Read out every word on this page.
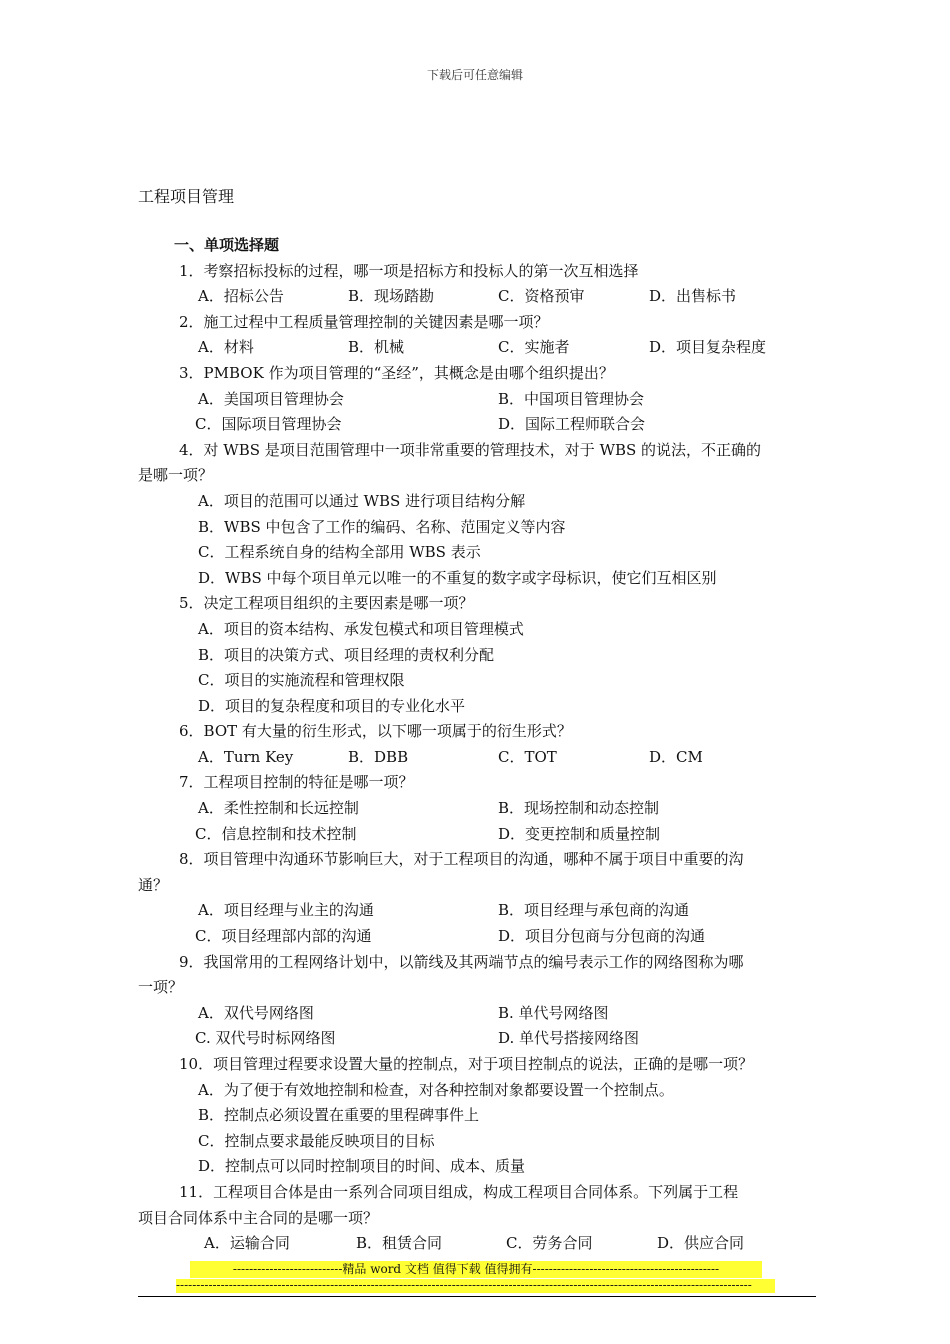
下载后可任意编辑
工程项目管理
一、单项选择题
1．考察招标投标的过程，哪一项是招标方和投标人的第一次互相选择
A．招标公告	B．现场踏勘	C．资格预审	D．出售标书
2．施工过程中工程质量管理控制的关键因素是哪一项？
A．材料	B．机械	C．实施者	D．项目复杂程度
3．PMBOK 作为项目管理的“圣经”，其概念是由哪个组织提出？
A．美国项目管理协会	B．中国项目管理协会
C．国际项目管理协会	D．国际工程师联合会
4．对 WBS 是项目范围管理中一项非常重要的管理技术，对于 WBS 的说法，不正确的
是哪一项？
A．项目的范围可以通过 WBS 进行项目结构分解
B．WBS 中包含了工作的编码、名称、范围定义等内容
C．工程系统自身的结构全部用 WBS 表示
D．WBS 中每个项目单元以唯一的不重复的数字或字母标识，使它们互相区别
5．决定工程项目组织的主要因素是哪一项？
A．项目的资本结构、承发包模式和项目管理模式
B．项目的决策方式、项目经理的责权利分配
C．项目的实施流程和管理权限
D．项目的复杂程度和项目的专业化水平
6．BOT 有大量的衍生形式，以下哪一项属于的衍生形式？
A．Turn Key	B．DBB	C．TOT	D．CM
7．工程项目控制的特征是哪一项？
A．柔性控制和长远控制	B．现场控制和动态控制
C．信息控制和技术控制	D．变更控制和质量控制
8．项目管理中沟通环节影响巨大，对于工程项目的沟通，哪种不属于项目中重要的沟
通？
A．项目经理与业主的沟通	B．项目经理与承包商的沟通
C．项目经理部内部的沟通	D．项目分包商与分包商的沟通
9．我国常用的工程网络计划中，以箭线及其两端节点的编号表示工作的网络图称为哪
一项？
A．双代号网络图	B. 单代号网络图
C. 双代号时标网络图	D. 单代号搭接网络图
10．项目管理过程要求设置大量的控制点，对于项目控制点的说法，正确的是哪一项？
A．为了便于有效地控制和检查，对各种控制对象都要设置一个控制点。
B．控制点必须设置在重要的里程碑事件上
C．控制点要求最能反映项目的目标
D．控制点可以同时控制项目的时间、成本、质量
11．工程项目合体是由一系列合同项目组成，构成工程项目合同体系。下列属于工程
项目合同体系中主合同的是哪一项？
A．运输合同	B．租赁合同	C．劳务合同	D．供应合同
---------------------------精品 word 文档 值得下载 值得拥有----------------------------------------------
----------------------------------------------------------------------------------------------------------------------------------------------
